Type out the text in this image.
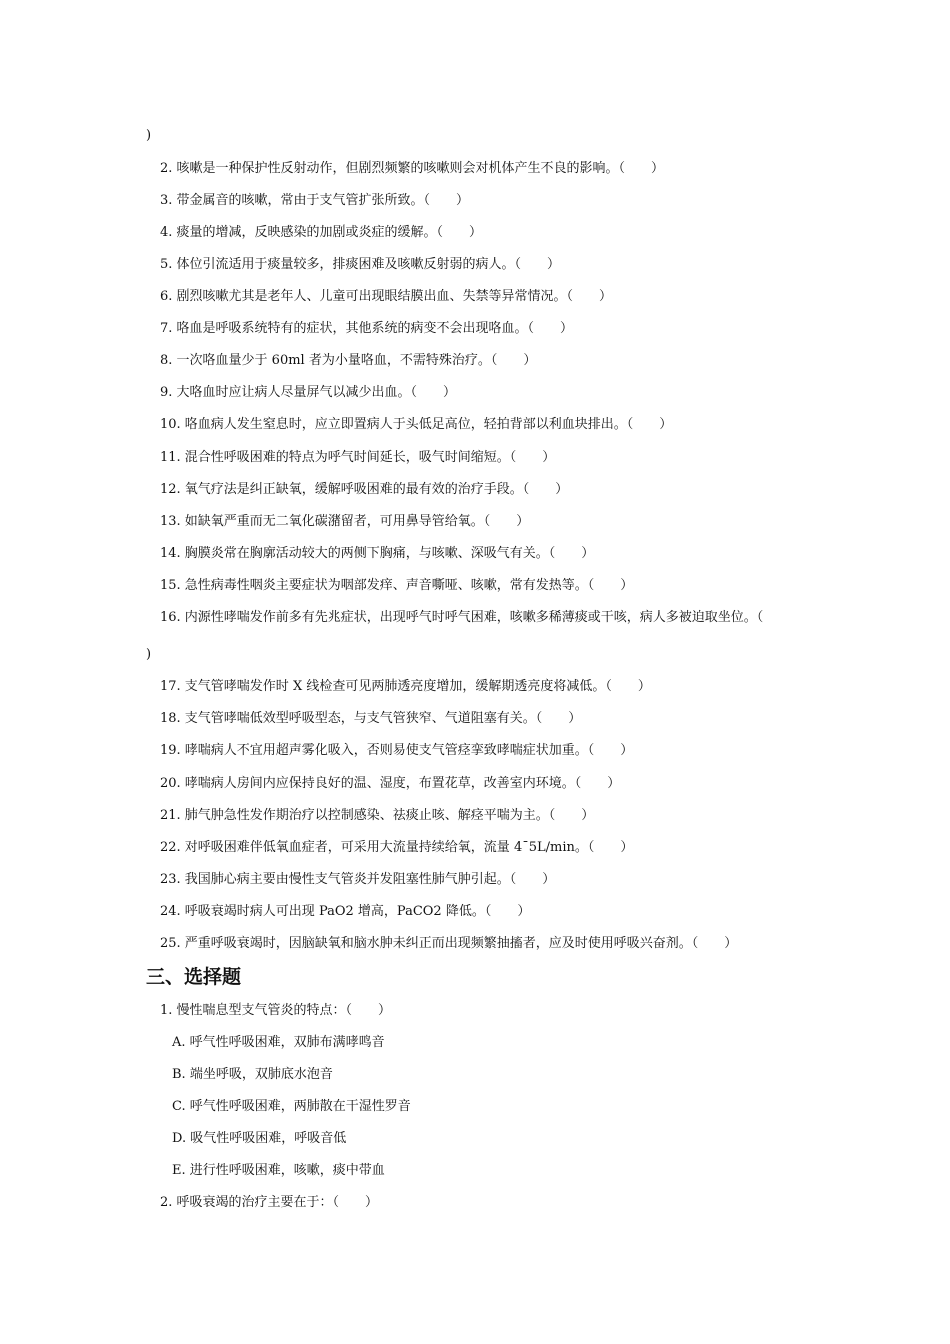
)
2. 咳嗽是一种保护性反射动作，但剧烈频繁的咳嗽则会对机体产生不良的影响。（　　）
3. 带金属音的咳嗽，常由于支气管扩张所致。（　　）
4. 痰量的增减，反映感染的加剧或炎症的缓解。（　　）
5. 体位引流适用于痰量较多，排痰困难及咳嗽反射弱的病人。（　　）
6. 剧烈咳嗽尤其是老年人、儿童可出现眼结膜出血、失禁等异常情况。（　　）
7. 咯血是呼吸系统特有的症状，其他系统的病变不会出现咯血。（　　）
8. 一次咯血量少于 60ml 者为小量咯血，不需特殊治疗。（　　）
9. 大咯血时应让病人尽量屏气以减少出血。（　　）
10. 咯血病人发生窒息时，应立即置病人于头低足高位，轻拍背部以利血块排出。（　　）
11. 混合性呼吸困难的特点为呼气时间延长，吸气时间缩短。（　　）
12. 氧气疗法是纠正缺氧，缓解呼吸困难的最有效的治疗手段。（　　）
13. 如缺氧严重而无二氧化碳潴留者，可用鼻导管给氧。（　　）
14. 胸膜炎常在胸廓活动较大的两侧下胸痛，与咳嗽、深吸气有关。（　　）
15. 急性病毒性咽炎主要症状为咽部发痒、声音嘶哑、咳嗽，常有发热等。（　　）
16. 内源性哮喘发作前多有先兆症状，出现呼气时呼气困难，咳嗽多稀薄痰或干咳，病人多被迫取坐位。（
)
17. 支气管哮喘发作时 X 线检查可见两肺透亮度增加，缓解期透亮度将减低。（　　）
18. 支气管哮喘低效型呼吸型态，与支气管狭窄、气道阻塞有关。（　　）
19. 哮喘病人不宜用超声雾化吸入，否则易使支气管痉挛致哮喘症状加重。（　　）
20. 哮喘病人房间内应保持良好的温、湿度，布置花草，改善室内环境。（　　）
21. 肺气肿急性发作期治疗以控制感染、祛痰止咳、解痉平喘为主。（　　）
22. 对呼吸困难伴低氧血症者，可采用大流量持续给氧，流量 4¯5L/min。（　　）
23. 我国肺心病主要由慢性支气管炎并发阻塞性肺气肿引起。（　　）
24. 呼吸衰竭时病人可出现 PaO2 增高，PaCO2 降低。（　　）
25. 严重呼吸衰竭时，因脑缺氧和脑水肿未纠正而出现频繁抽搐者，应及时使用呼吸兴奋剂。（　　）
三、选择题
1. 慢性喘息型支气管炎的特点：（　　）
A. 呼气性呼吸困难，双肺布满哮鸣音
B. 端坐呼吸，双肺底水泡音
C. 呼气性呼吸困难，两肺散在干湿性罗音
D. 吸气性呼吸困难，呼吸音低
E. 进行性呼吸困难，咳嗽，痰中带血
2. 呼吸衰竭的治疗主要在于：（　　）
